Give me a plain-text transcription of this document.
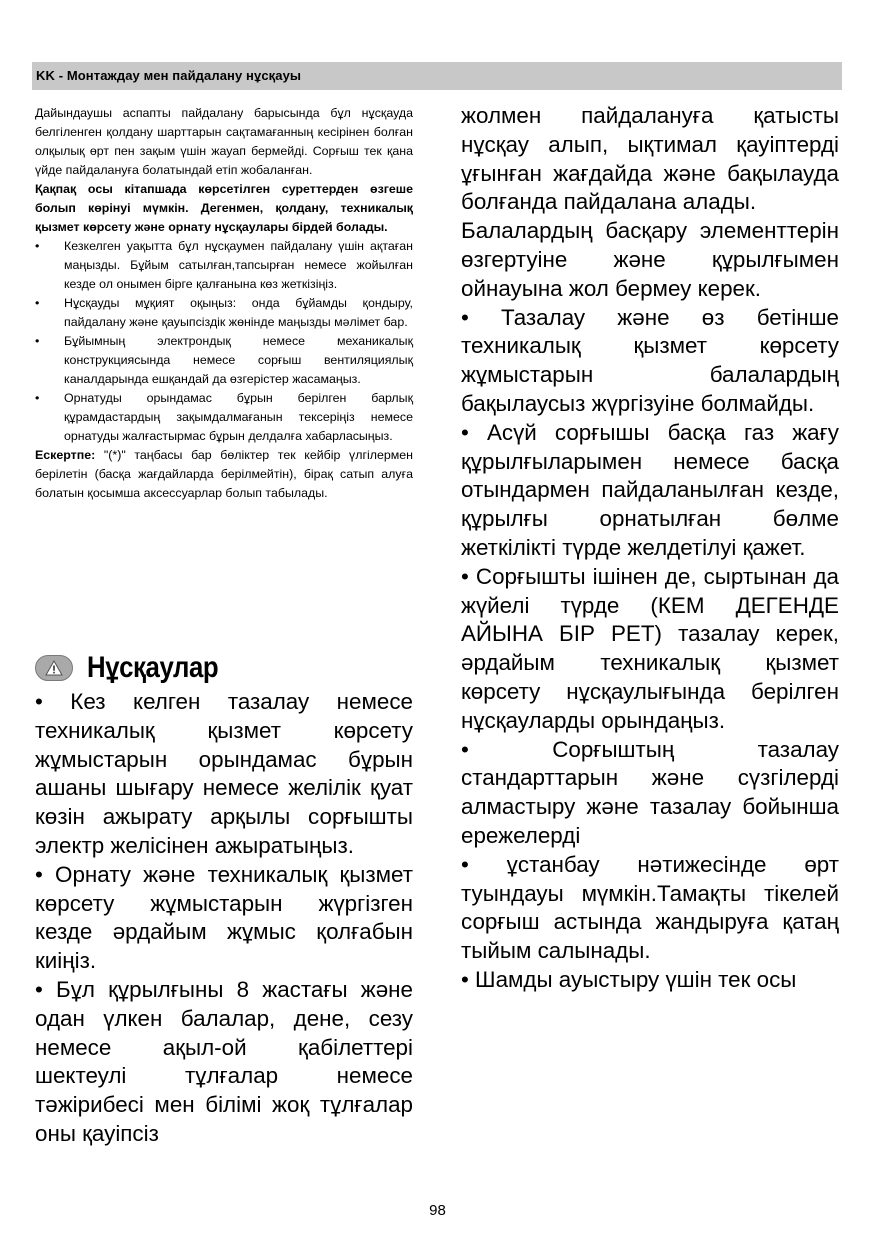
KK - Монтаждау мен пайдалану нұсқауы

Дайындаушы аспапты пайдалану барысында бұл нұсқауда белгіленген қолдану шарттарын сақтамағанның кесірінен болған олқылық өрт пен зақым үшін жауап бермейді. Сорғыш тек қана үйде пайдалануға болатындай етіп жобаланған.

Қақпақ осы кітапшада көрсетілген суреттерден өзгеше болып көрінуі мүмкін. Дегенмен, қолдану, техникалық қызмет көрсету және орнату нұсқаулары бірдей болады.

• Кезкелген уақытта бұл нұсқаумен пайдалану үшін ақтаған маңызды. Бұйым сатылған,тапсырған немесе жойылған кезде ол онымен бірге қалғанына көз жеткізіңіз.
• Нұсқауды мұқият оқыңыз: онда бұйамды қондыру, пайдалану және қауыпсіздік жөнінде маңызды мәлімет бар.
• Бұйымның электрондық немесе механикалық конструкциясында немесе сорғыш вентиляциялық каналдарында ешқандай да өзгерістер жасамаңыз.
• Орнатуды орындамас бұрын берілген барлық құрамдастардың зақымдалмағанын тексеріңіз немесе орнатуды жалғастырмас бұрын делдалға хабарласыңыз.

Ескертпе: "(*)" таңбасы бар бөліктер тек кейбір үлгілермен берілетін (басқа жағдайларда берілмейтін), бірақ сатып алуға болатын қосымша аксессуарлар болып табылады.

Нұсқаулар

• Кез келген тазалау немесе техникалық қызмет көрсету жұмыстарын орындамас бұрын ашаны шығару немесе желілік қуат көзін ажырату арқылы сорғышты электр желісінен ажыратыңыз.

• Орнату және техникалық қызмет көрсету жұмыстарын жүргізген кезде әрдайым жұмыс қолғабын киіңіз.

• Бұл құрылғыны 8 жастағы және одан үлкен балалар, дене, сезу немесе ақыл-ой қабілеттері шектеулі тұлғалар немесе тәжірибесі мен білімі жоқ тұлғалар оны қауіпсіз

жолмен пайдалануға қатысты нұсқау алып, ықтимал қауіптерді ұғынған жағдайда және бақылауда болғанда пайдалана алады.

Балалардың басқару элементтерін өзгертуіне және құрылғымен ойнауына жол бермеу керек.

• Тазалау және өз бетінше техникалық қызмет көрсету жұмыстарын балалардың бақылаусыз жүргізуіне болмайды.

• Асүй сорғышы басқа газ жағу құрылғыларымен немесе басқа отындармен пайдаланылған кезде, құрылғы орнатылған бөлме жеткілікті түрде желдетілуі қажет.

• Сорғышты ішінен де, сыртынан да жүйелі түрде (КЕМ ДЕГЕНДЕ АЙЫНА БІР РЕТ) тазалау керек, әрдайым техникалық қызмет көрсету нұсқаулығында берілген нұсқауларды орындаңыз.

• Сорғыштың тазалау стандарттарын және сүзгілерді алмастыру және тазалау бойынша ережелерді

• ұстанбау нәтижесінде өрт туындауы мүмкін.Тамақты тікелей сорғыш астында жандыруға қатаң тыйым салынады.

• Шамды ауыстыру үшін тек осы

98
